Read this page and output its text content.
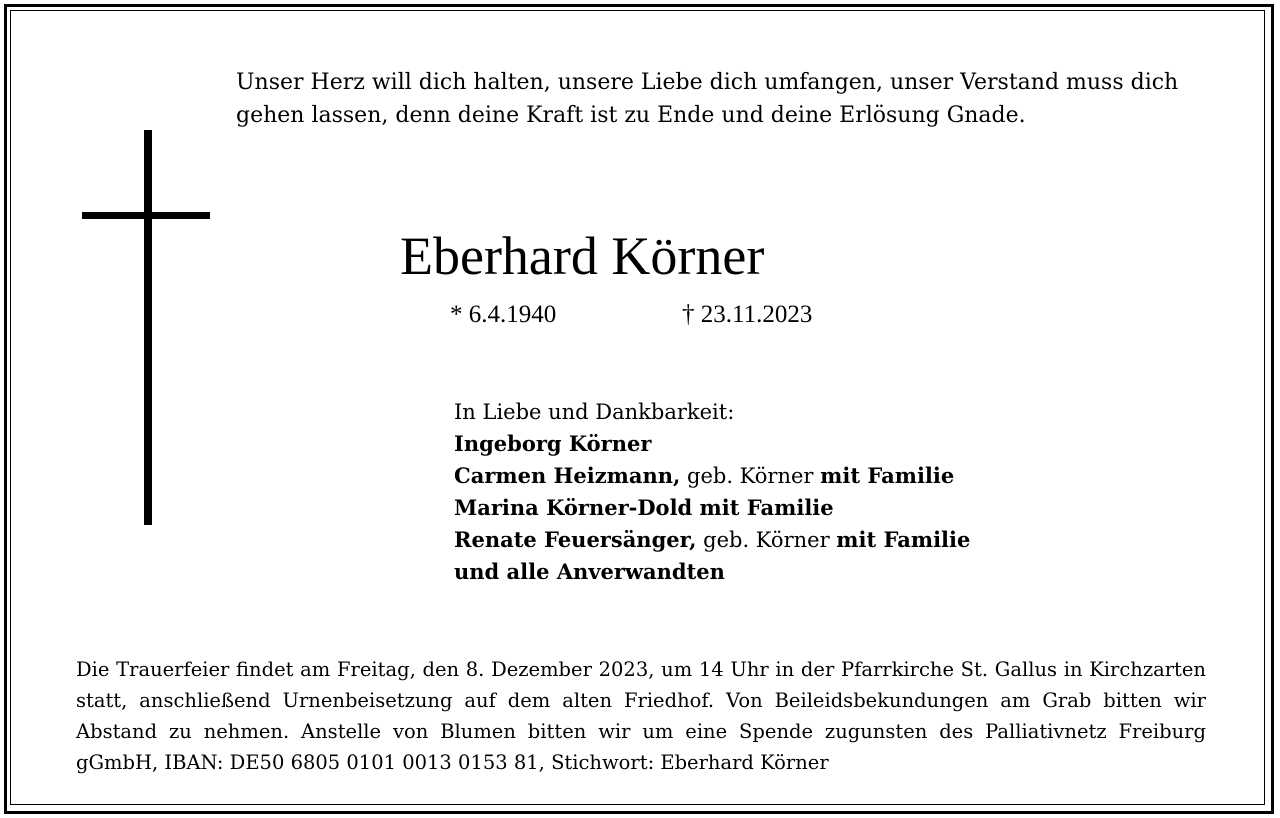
Unser Herz will dich halten, unsere Liebe dich umfangen, unser Verstand muss dich gehen lassen, denn deine Kraft ist zu Ende und deine Erlösung Gnade.

Eberhard Körner
* 6.4.1940	† 23.11.2023
In Liebe und Dankbarkeit:
Ingeborg Körner
Carmen Heizmann, geb. Körner mit Familie
Marina Körner-Dold mit Familie
Renate Feuersänger, geb. Körner mit Familie
und alle Anverwandten

Die Trauerfeier findet am Freitag, den 8. Dezember 2023, um 14 Uhr in der Pfarrkirche St. Gallus in Kirchzarten statt, anschließend Urnenbeisetzung auf dem alten Friedhof. Von Beileidsbekundungen am Grab bitten wir Abstand zu nehmen. Anstelle von Blumen bitten wir um eine Spende zugunsten des Palliativnetz Freiburg gGmbH, IBAN: DE50 6805 0101 0013 0153 81, Stichwort: Eberhard Körner
